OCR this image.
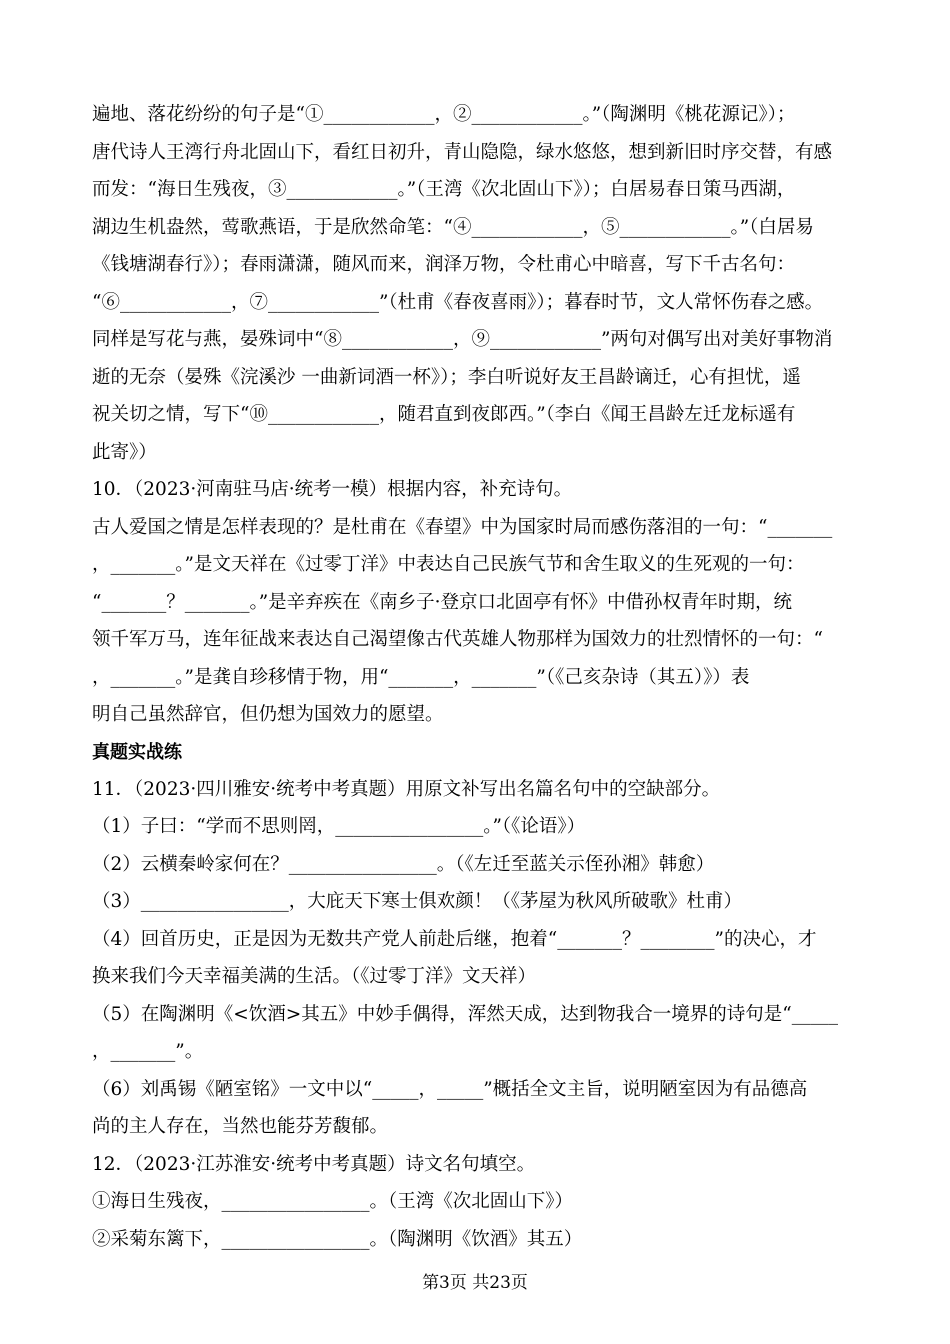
遍地、落花纷纷的句子是“①____________，②____________。”（陶渊明《桃花源记》）；
唐代诗人王湾行舟北固山下，看红日初升，青山隐隐，绿水悠悠，想到新旧时序交替，有感
而发：“海日生残夜，③____________。”（王湾《次北固山下》）；白居易春日策马西湖，
湖边生机盎然，莺歌燕语，于是欣然命笔：“④____________，⑤____________。”（白居易
《钱塘湖春行》）；春雨潇潇，随风而来，润泽万物，令杜甫心中暗喜，写下千古名句：
“⑥____________，⑦____________”（杜甫《春夜喜雨》）；暮春时节，文人常怀伤春之感。
同样是写花与燕，晏殊词中“⑧____________，⑨____________”两句对偶写出对美好事物消
逝的无奈（晏殊《浣溪沙 一曲新词酒一杯》）；李白听说好友王昌龄谪迁，心有担忧，遥
祝关切之情，写下“⑩____________，随君直到夜郎西。”（李白《闻王昌龄左迁龙标遥有
此寄》）
10．（2023·河南驻马店·统考一模）根据内容，补充诗句。
古人爱国之情是怎样表现的？是杜甫在《春望》中为国家时局而感伤落泪的一句：“_______
，_______。”是文天祥在《过零丁洋》中表达自己民族气节和舍生取义的生死观的一句：
“_______？_______。”是辛弃疾在《南乡子·登京口北固亭有怀》中借孙权青年时期，统
领千军万马，连年征战来表达自己渴望像古代英雄人物那样为国效力的壮烈情怀的一句：“
，_______。”是龚自珍移情于物，用“_______，_______”（《己亥杂诗（其五）》）表
明自己虽然辞官，但仍想为国效力的愿望。
真题实战练
11．（2023·四川雅安·统考中考真题）用原文补写出名篇名句中的空缺部分。
（1）子曰：“学而不思则罔，________________。”（《论语》）
（2）云横秦岭家何在？________________。（《左迁至蓝关示侄孙湘》韩愈）
（3）________________，大庇天下寒士俱欢颜！（《茅屋为秋风所破歌》杜甫）
（4）回首历史，正是因为无数共产党人前赴后继，抱着“_______？________”的决心，才
换来我们今天幸福美满的生活。（《过零丁洋》文天祥）
（5）在陶渊明《<饮酒>其五》中妙手偶得，浑然天成，达到物我合一境界的诗句是“_____
，_______”。
（6）刘禹锡《陋室铭》一文中以“_____，_____”概括全文主旨，说明陋室因为有品德高
尚的主人存在，当然也能芬芳馥郁。
12．（2023·江苏淮安·统考中考真题）诗文名句填空。
①海日生残夜，________________。（王湾《次北固山下》）
②采菊东篱下，________________。（陶渊明《饮酒》其五）
第3页 共23页
